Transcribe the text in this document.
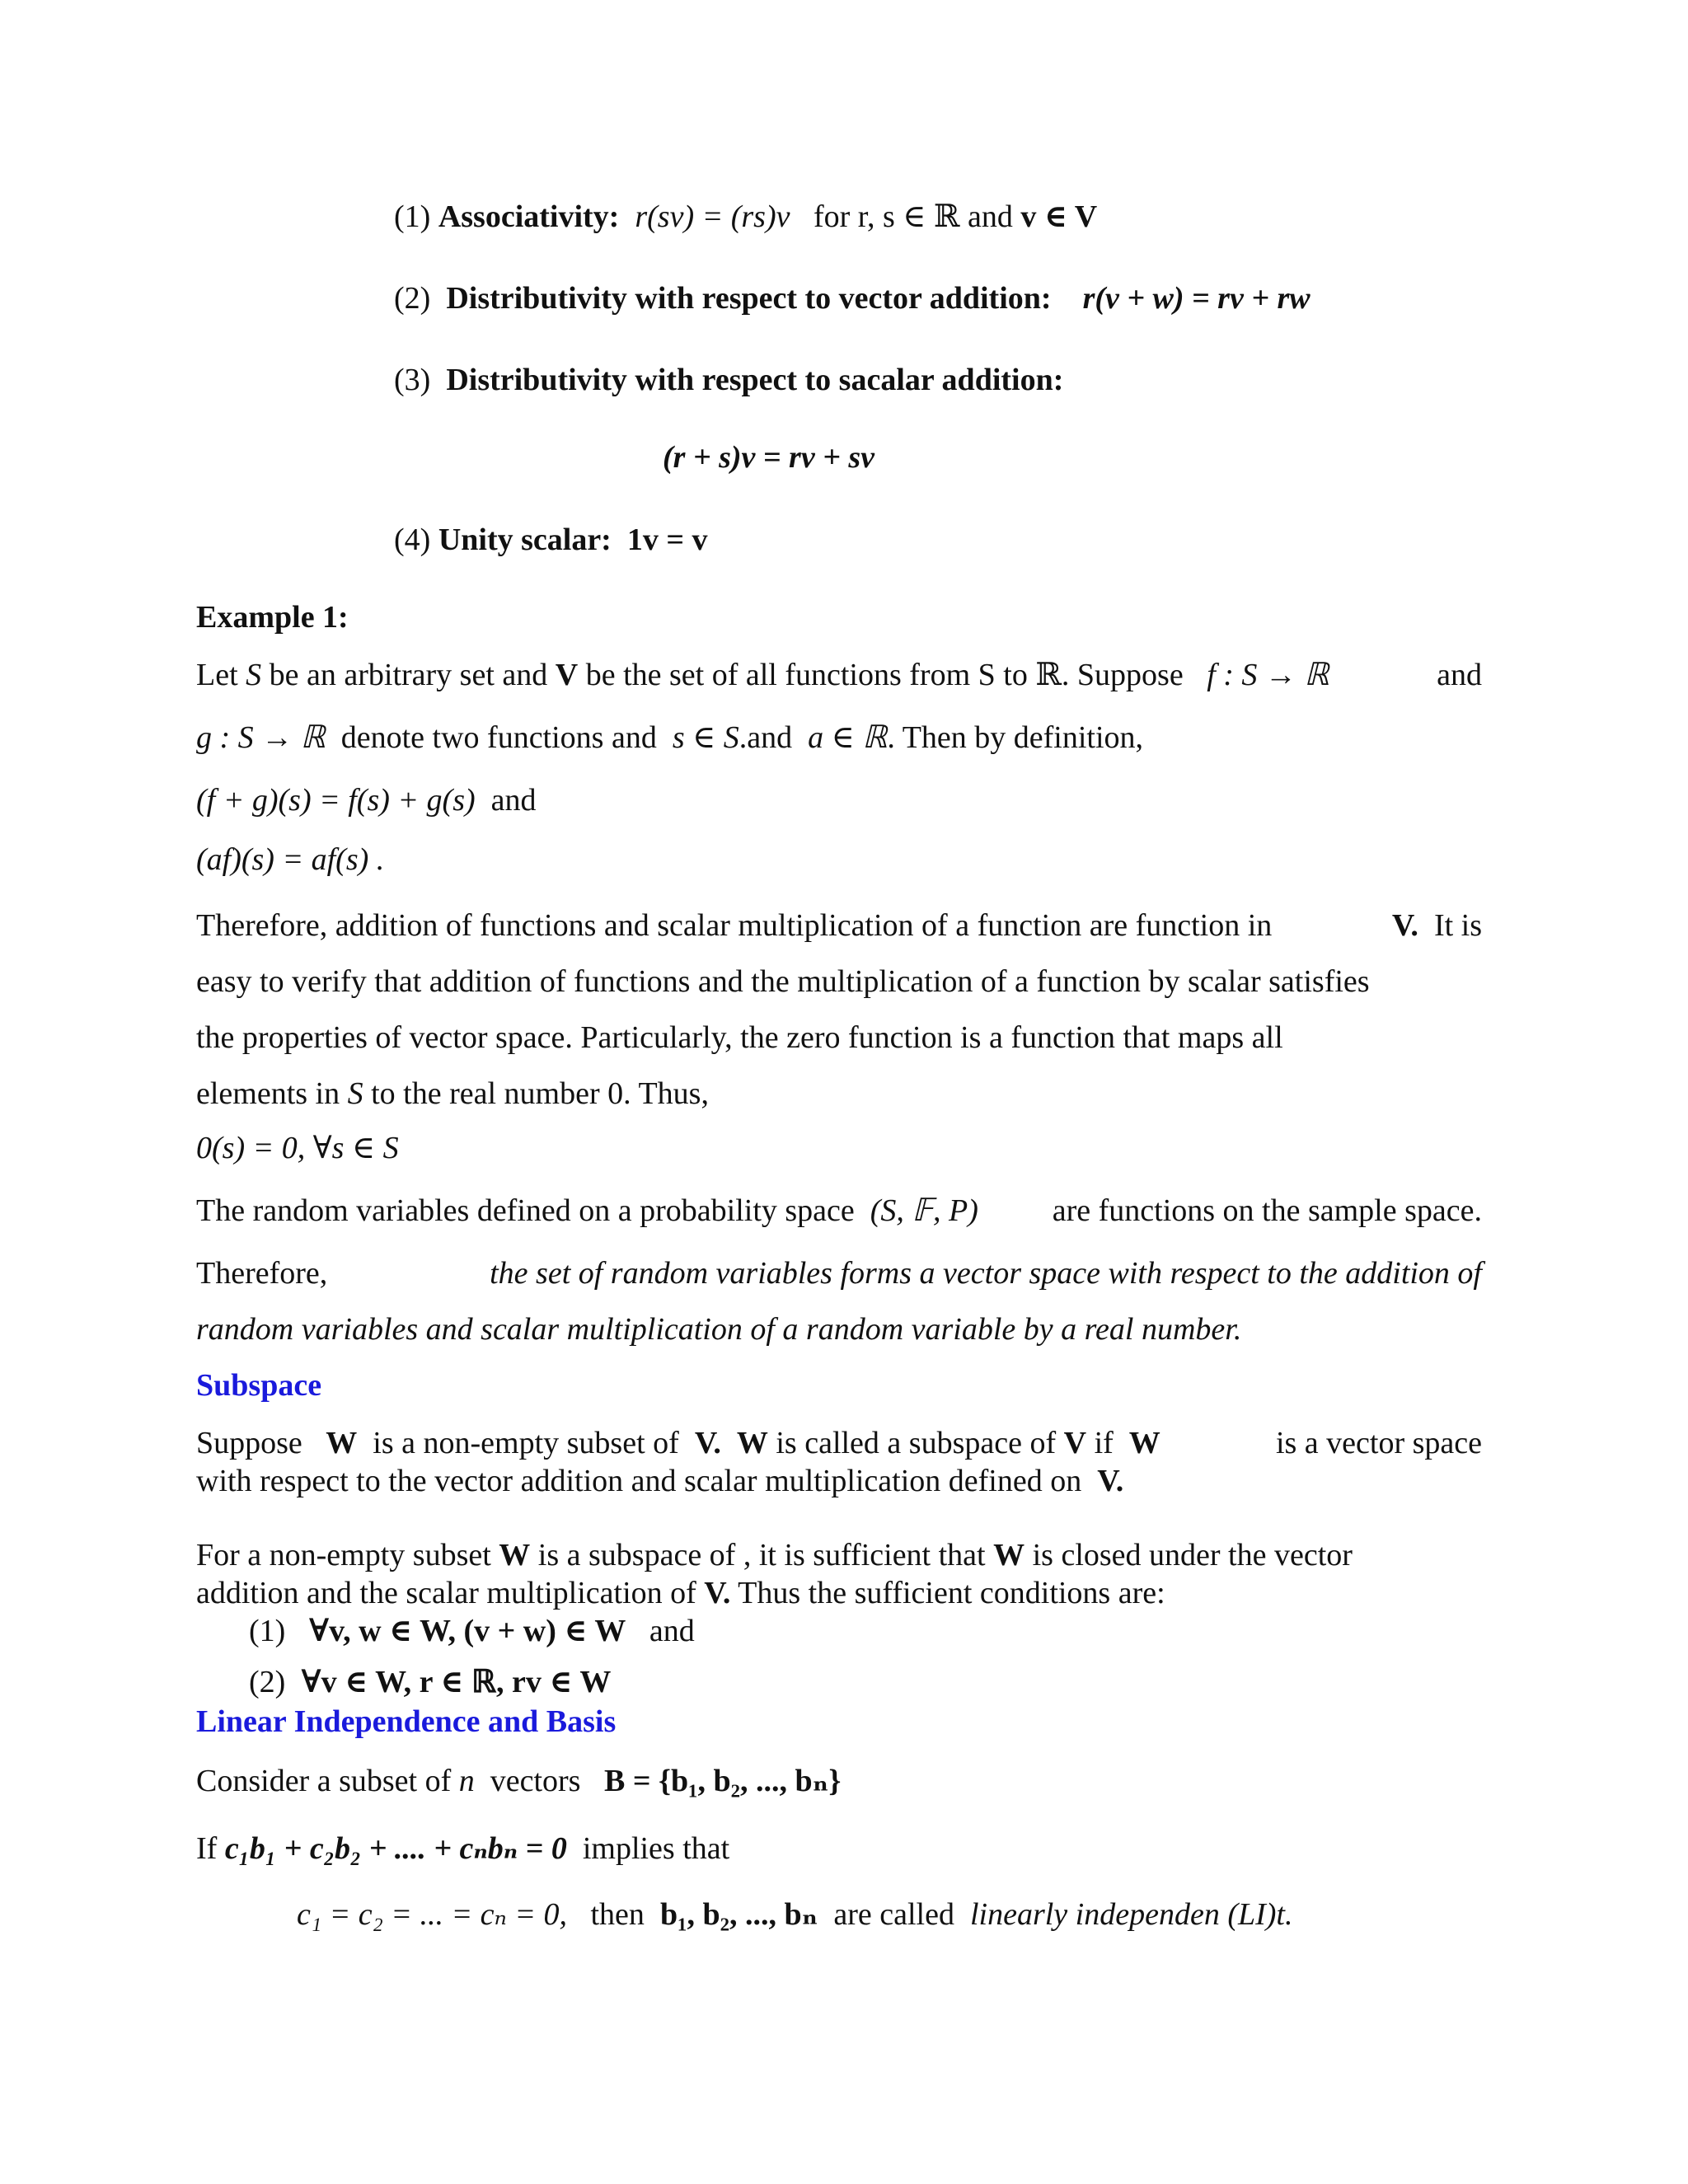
(1) Associativity: r(sv) = (rs)v for r, s ∈ ℝ and v ∈ V
(2) Distributivity with respect to vector addition: r(v + w) = rv + rw
(3) Distributivity with respect to sacalar addition:
(r + s)v = rv + sv
(4) Unity scalar: 1v = v
Example 1:
Let S be an arbitrary set and V be the set of all functions from S to ℝ. Suppose f : S → ℝ	and
g : S → ℝ denote two functions and s ∈ S.and a ∈ ℝ. Then by definition,
(f + g)(s) = f(s) + g(s) and
(af)(s) = af(s) .
Therefore, addition of functions and scalar multiplication of a function are function in	V. It is
easy to verify that addition of functions and the multiplication of a function by scalar satisfies
the properties of vector space. Particularly, the zero function is a function that maps all
elements in S to the real number 0. Thus,
0(s) = 0, ∀s ∈ S
The random variables defined on a probability space (S, 𝔽, P) are functions on the sample space.
Therefore,	the set of random variables forms a vector space with respect to the addition of
random variables and scalar multiplication of a random variable by a real number.
Subspace
Suppose W is a non-empty subset of V. W is called a subspace of V if W	is a vector space
with respect to the vector addition and scalar multiplication defined on V.
For a non-empty subset W is a subspace of , it is sufficient that W is closed under the vector
addition and the scalar multiplication of V. Thus the sufficient conditions are:
(1) ∀v, w ∈ W, (v + w) ∈ W and
(2) ∀v ∈ W, r ∈ ℝ, rv ∈ W
Linear Independence and Basis
Consider a subset of n vectors B = {b₁, b₂, ..., bₙ}
If c₁b₁ + c₂b₂ + .... + cₙbₙ = 0 implies that
c₁ = c₂ = ... = cₙ = 0, then b₁, b₂, ..., bₙ are called linearly independen (LI)t.
